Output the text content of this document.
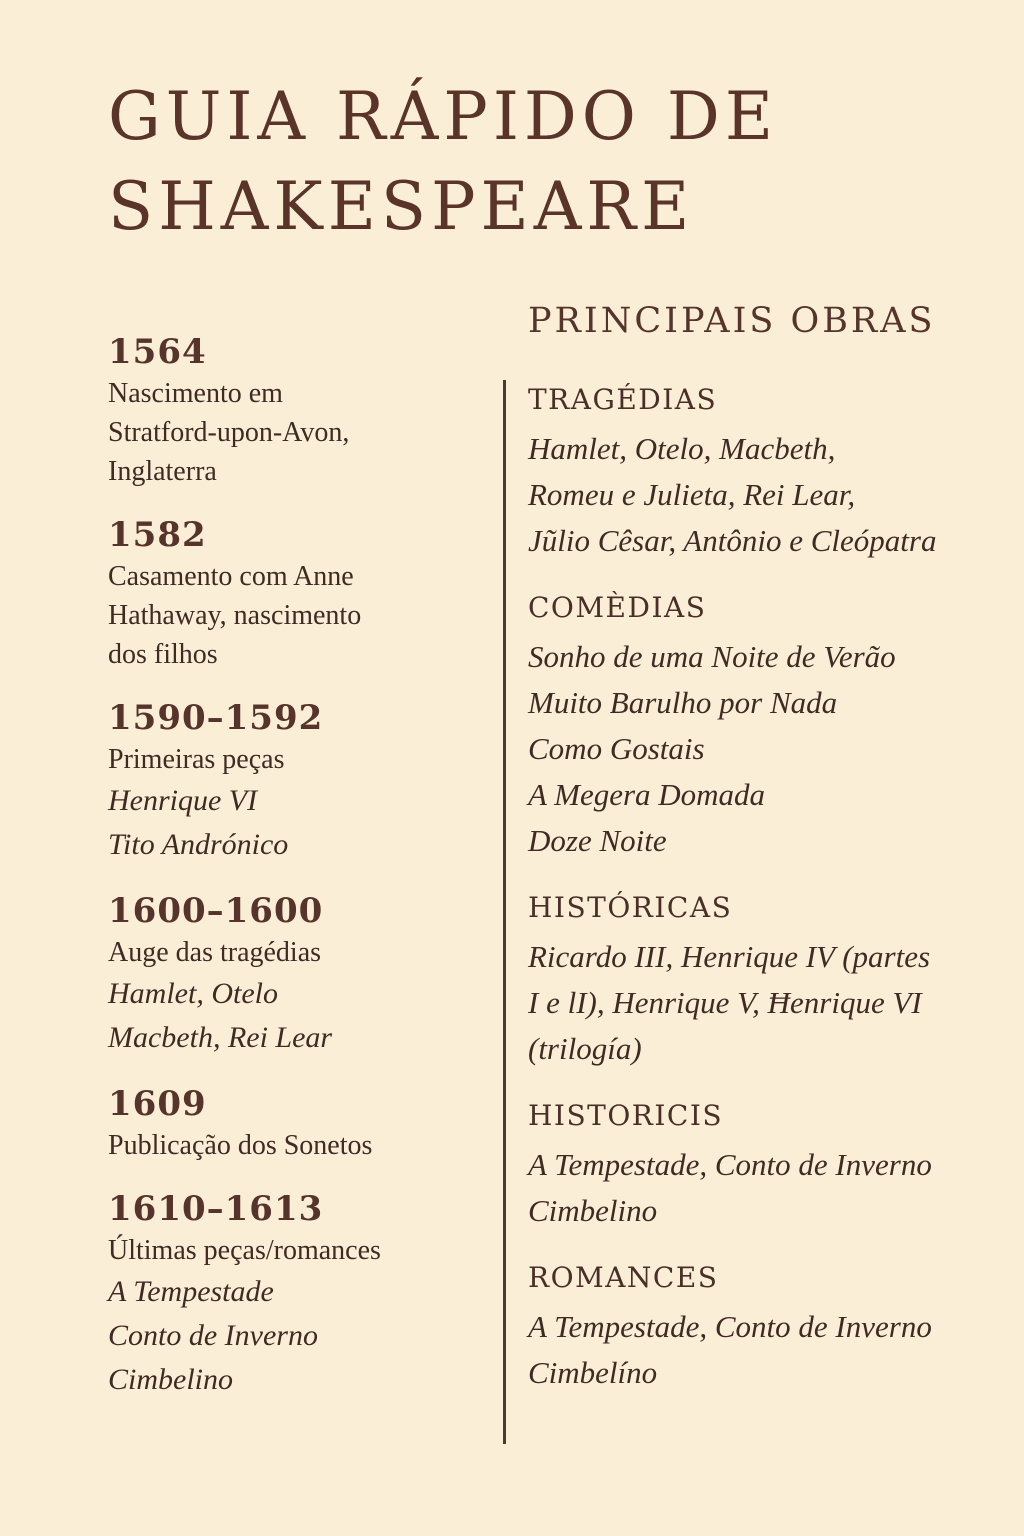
GUIA RÁPIDO DE
SHAKESPEARE
1564
Nascimento em
Stratford-upon-Avon,
Inglaterra
1582
Casamento com Anne
Hathaway, nascimento
dos filhos
1590–1592
Primeiras peças
Henrique VI
Tito Andrónico
1600–1600
Auge das tragédias
Hamlet, Otelo
Macbeth, Rei Lear
1609
Publicação dos Sonetos
1610–1613
Últimas peças/romances
A Tempestade
Conto de Inverno
Cimbelino
PRINCIPAIS OBRAS
TRAGÉDIAS
Hamlet, Otelo, Macbeth,
Romeu e Julieta, Rei Lear,
Jũlio Cêsar, Antônio e Cleópatra
COMÈDIAS
Sonho de uma Noite de Verão
Muito Barulho por Nada
Como Gostais
A Megera Domada
Doze Noite
HISTÓRICAS
Ricardo III, Henrique IV (partes
I e lI), Henrique V, Ħenrique VI
(trilogía)
HISTORICIS
A Tempestade, Conto de Inverno
Cimbelino
ROMANCES
A Tempestade, Conto de Inverno
Cimbelíno
